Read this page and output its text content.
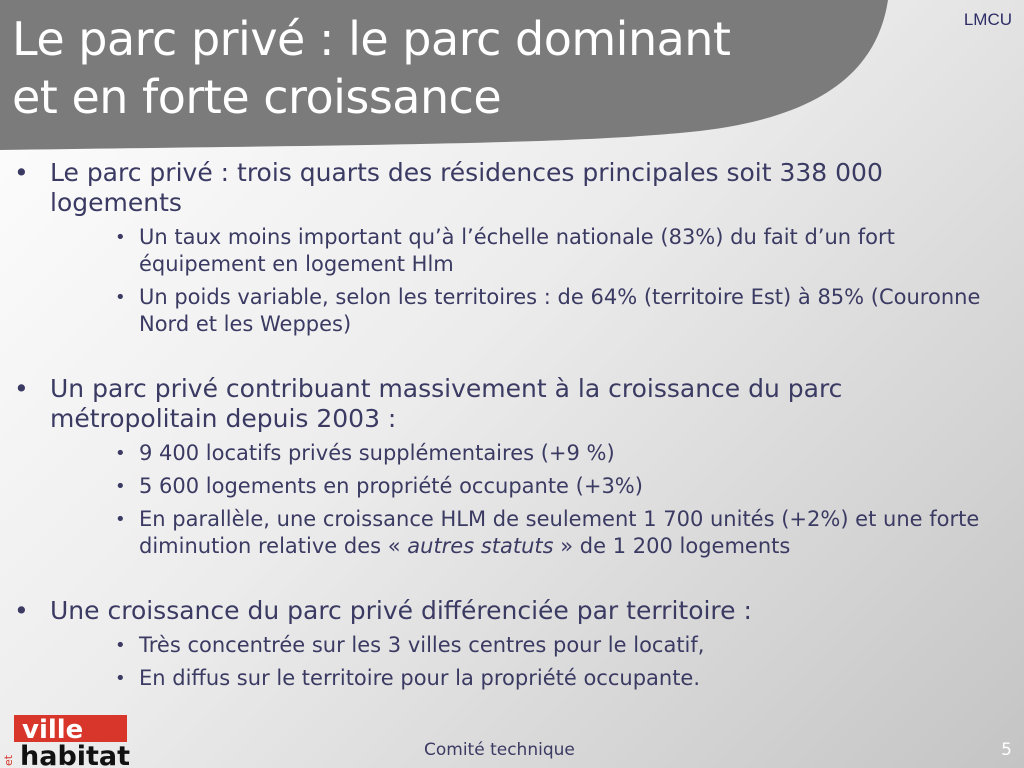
Le parc privé : le parc dominant
et en forte croissance
LMCU

• Le parc privé : trois quarts des résidences principales soit 338 000 logements

• Un taux moins important qu’à l’échelle nationale (83%) du fait d’un fort équipement en logement Hlm

• Un poids variable, selon les territoires : de 64% (territoire Est) à 85% (Couronne Nord et les Weppes)

• Un parc privé contribuant massivement à la croissance du parc métropolitain depuis 2003 :

• 9 400 locatifs privés supplémentaires (+9 %)

• 5 600 logements en propriété occupante (+3%)

• En parallèle, une croissance HLM de seulement 1 700 unités (+2%) et une forte diminution relative des « autres statuts » de 1 200 logements

• Une croissance du parc privé différenciée par territoire :

• Très concentrée sur les 3 villes centres pour le locatif,

• En diffus sur le territoire pour la propriété occupante.

ville
et habitat	Comité technique	5
